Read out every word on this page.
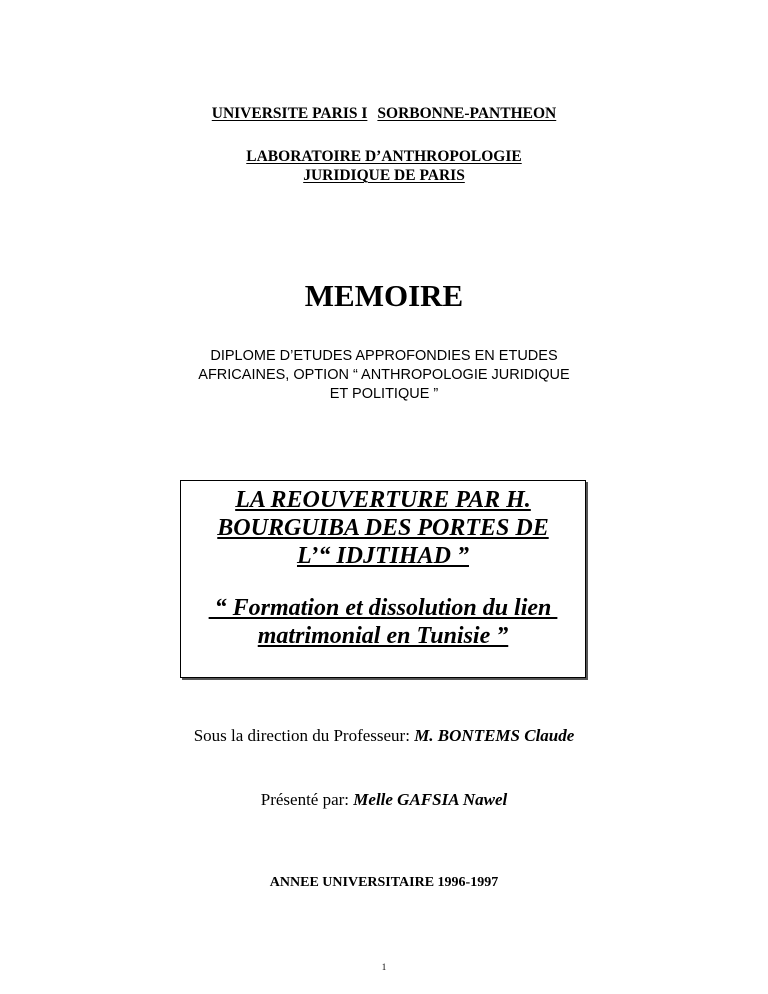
UNIVERSITE PARIS I SORBONNE-PANTHEON
LABORATOIRE D’ANTHROPOLOGIE
JURIDIQUE DE PARIS
MEMOIRE
DIPLOME D’ETUDES APPROFONDIES EN ETUDES
AFRICAINES, OPTION “ ANTHROPOLOGIE JURIDIQUE
ET POLITIQUE ”
LA REOUVERTURE PAR H.
BOURGUIBA DES PORTES DE
L’“ IDJTIHAD ”
“ Formation et dissolution du lien
matrimonial en Tunisie ”
Sous la direction du Professeur: M. BONTEMS Claude
Présenté par: Melle GAFSIA Nawel
ANNEE UNIVERSITAIRE 1996-1997
1
